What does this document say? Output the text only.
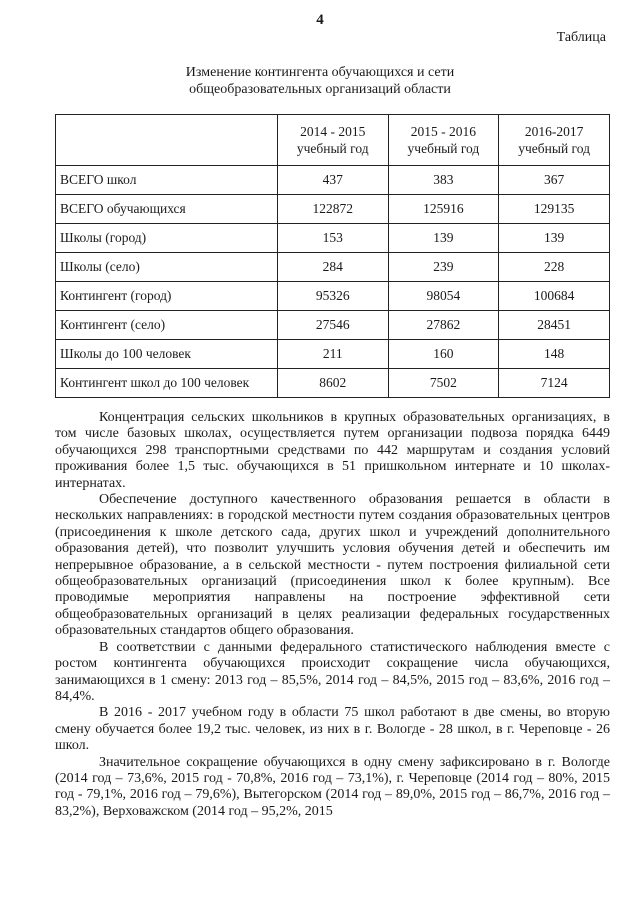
4
Таблица
Изменение контингента обучающихся и сети
общеобразовательных организаций области
	2014 - 2015
учебный год	2015 - 2016
учебный год	2016-2017
учебный год
ВСЕГО школ	437	383	367
ВСЕГО обучающихся	122872	125916	129135
Школы (город)	153	139	139
Школы (село)	284	239	228
Контингент (город)	95326	98054	100684
Контингент (село)	27546	27862	28451
Школы до 100 человек	211	160	148
Контингент школ до 100 человек	8602	7502	7124

Концентрация сельских школьников в крупных образовательных организациях, в том числе базовых школах, осуществляется путем организации подвоза порядка 6449 обучающихся 298 транспортными средствами по 442 маршрутам и создания условий проживания более 1,5 тыс. обучающихся в 51 пришкольном интернате и 10 школах-интернатах.

Обеспечение доступного качественного образования решается в области в нескольких направлениях: в городской местности путем создания образовательных центров (присоединения к школе детского сада, других школ и учреждений дополнительного образования детей), что позволит улучшить условия обучения детей и обеспечить им непрерывное образование, а в сельской местности - путем построения филиальной сети общеобразовательных организаций (присоединения школ к более крупным). Все проводимые мероприятия направлены на построение эффективной сети общеобразовательных организаций в целях реализации федеральных государственных образовательных стандартов общего образования.

В соответствии с данными федерального статистического наблюдения вместе с ростом контингента обучающихся происходит сокращение числа обучающихся, занимающихся в 1 смену: 2013 год – 85,5%, 2014 год – 84,5%, 2015 год – 83,6%, 2016 год – 84,4%.

В 2016 - 2017 учебном году в области 75 школ работают в две смены, во вторую смену обучается более 19,2 тыс. человек, из них в г. Вологде - 28 школ, в г. Череповце - 26 школ.

Значительное сокращение обучающихся в одну смену зафиксировано в г. Вологде (2014 год – 73,6%, 2015 год - 70,8%, 2016 год – 73,1%), г. Череповце (2014 год – 80%, 2015 год - 79,1%, 2016 год – 79,6%), Вытегорском (2014 год – 89,0%, 2015 год – 86,7%, 2016 год – 83,2%), Верховажском (2014 год – 95,2%, 2015
